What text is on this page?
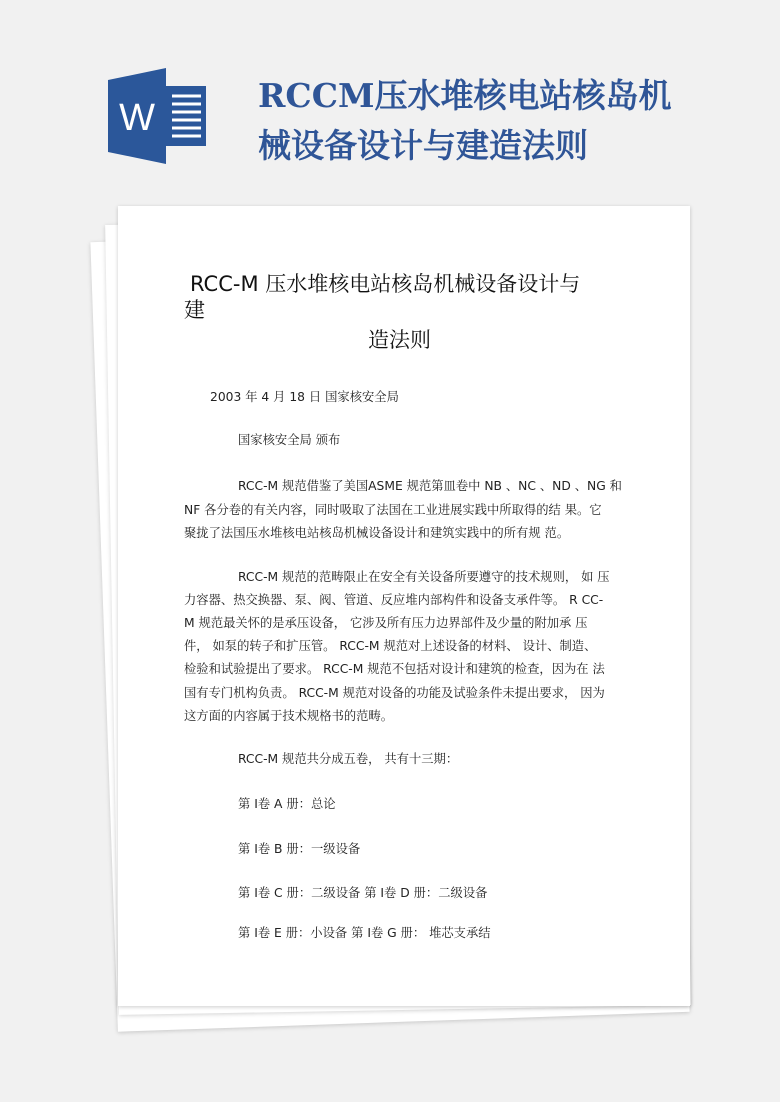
W
RCCM压水堆核电站核岛机
械设备设计与建造法则
RCC-M 压水堆核电站核岛机械设备设计与
建
造法则
2003 年 4 月 18 日 国家核安全局
国家核安全局 颁布
RCC-M 规范借鉴了美国ASME 规范第皿卷中 NB 、NC 、ND 、NG 和
NF 各分卷的有关内容，同时吸取了法国在工业进展实践中所取得的结 果。它
聚拢了法国压水堆核电站核岛机械设备设计和建筑实践中的所有规 范。
RCC-M 规范的范畴限止在安全有关设备所要遵守的技术规则， 如 压
力容器、热交换器、泵、阀、管道、反应堆内部构件和设备支承件等。 R CC-
M 规范最关怀的是承压设备， 它涉及所有压力边界部件及少量的附加承 压
件， 如泵的转子和扩压管。 RCC-M 规范对上述设备的材料、 设计、制造、
检验和试验提出了要求。 RCC-M 规范不包括对设计和建筑的检查，因为在 法
国有专门机构负责。 RCC-M 规范对设备的功能及试验条件未提出要求， 因为
这方面的内容属于技术规格书的范畴。
RCC-M 规范共分成五卷， 共有十三期：
第 Ⅰ卷 A 册：总论
第 Ⅰ卷 B 册：一级设备
第 Ⅰ卷 C 册：二级设备 第 Ⅰ卷 D 册：二级设备
第 Ⅰ卷 E 册：小设备 第 Ⅰ卷 G 册： 堆芯支承结
